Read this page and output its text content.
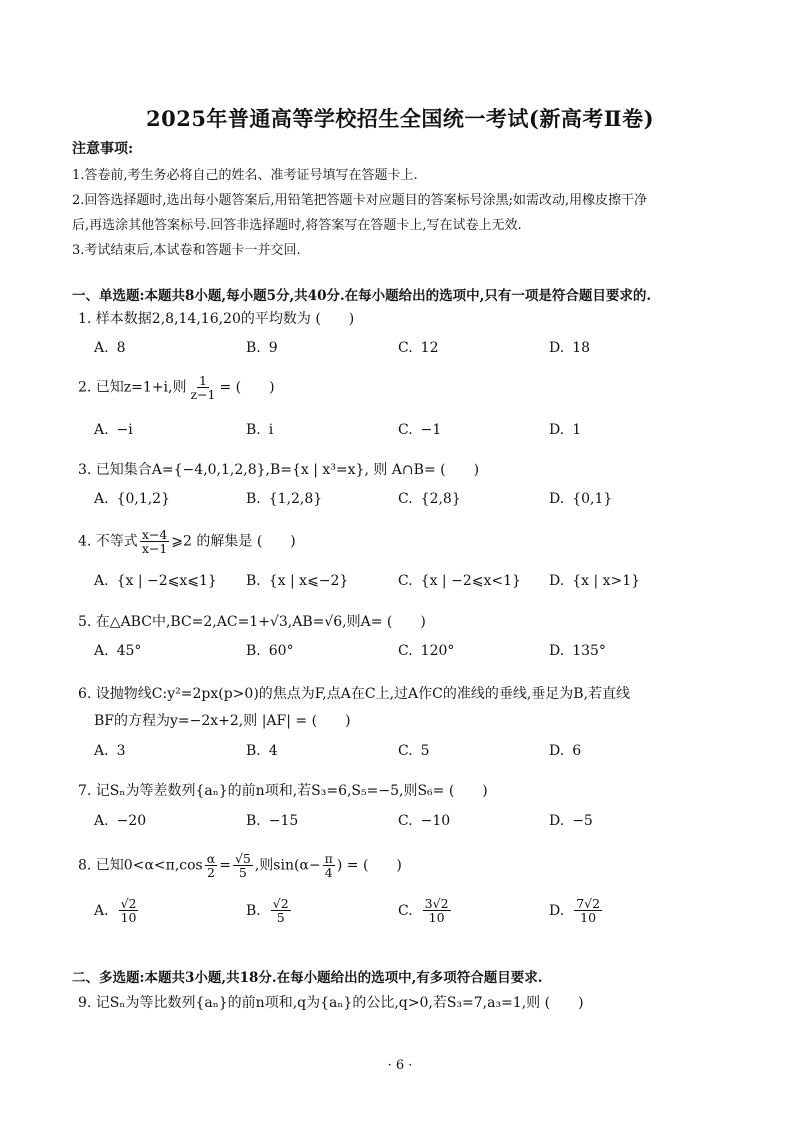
2025年普通高等学校招生全国统一考试(新高考Ⅱ卷)
注意事项:
1.答卷前,考生务必将自己的姓名、准考证号填写在答题卡上.
2.回答选择题时,选出每小题答案后,用铅笔把答题卡对应题目的答案标号涂黑;如需改动,用橡皮擦干净
后,再选涂其他答案标号.回答非选择题时,将答案写在答题卡上,写在试卷上无效.
3.考试结束后,本试卷和答题卡一并交回.
一、单选题:本题共8小题,每小题5分,共40分.在每小题给出的选项中,只有一项是符合题目要求的.
1. 样本数据2,8,14,16,20的平均数为 (　　)
A. 8	B. 9	C. 12	D. 18
2. 已知z=1+i,则 $\frac{1}{z-1}$ = (　　)
A. −i	B. i	C. −1	D. 1
3. 已知集合A={−4,0,1,2,8},B={x | x³=x}, 则 A∩B= (　　)
A. {0,1,2}	B. {1,2,8}	C. {2,8}	D. {0,1}
4. 不等式 $\frac{x-4}{x-1}$ ⩾2 的解集是 (　　)
A. {x | −2⩽x⩽1} B. {x | x⩽−2}	C. {x | −2⩽x<1} D. {x | x>1}
5. 在△ABC中,BC=2,AC=1+√3,AB=√6,则A= (　　)
A. 45°	B. 60°	C. 120°	D. 135°
6. 设抛物线C:y²=2px(p>0)的焦点为F,点A在C上,过A作C的准线的垂线,垂足为B,若直线
BF的方程为y=−2x+2,则 |AF| = (　　)
A. 3	B. 4	C. 5	D. 6
7. 记Sₙ为等差数列{aₙ}的前n项和,若S₃=6,S₅=−5,则S₆= (　　)
A. −20	B. −15	C. −10	D. −5
8. 已知$0<\alpha<\pi,\cos \frac{\alpha}{2} = \frac{√5}{5}$ ,则$\sin(\alpha- \frac{\pi}{4}$ ) = (　　)
A. $\frac{√2}{10}$	B. $\frac{√2}{5}$	C. $\frac{3√2}{10}$	D. $\frac{7√2}{10}$
二、多选题:本题共3小题,共18分.在每小题给出的选项中,有多项符合题目要求.
9. 记Sₙ为等比数列{aₙ}的前n项和,q为{aₙ}的公比,q>0,若S₃=7,a₃=1,则 (　　)
· 6 ·
